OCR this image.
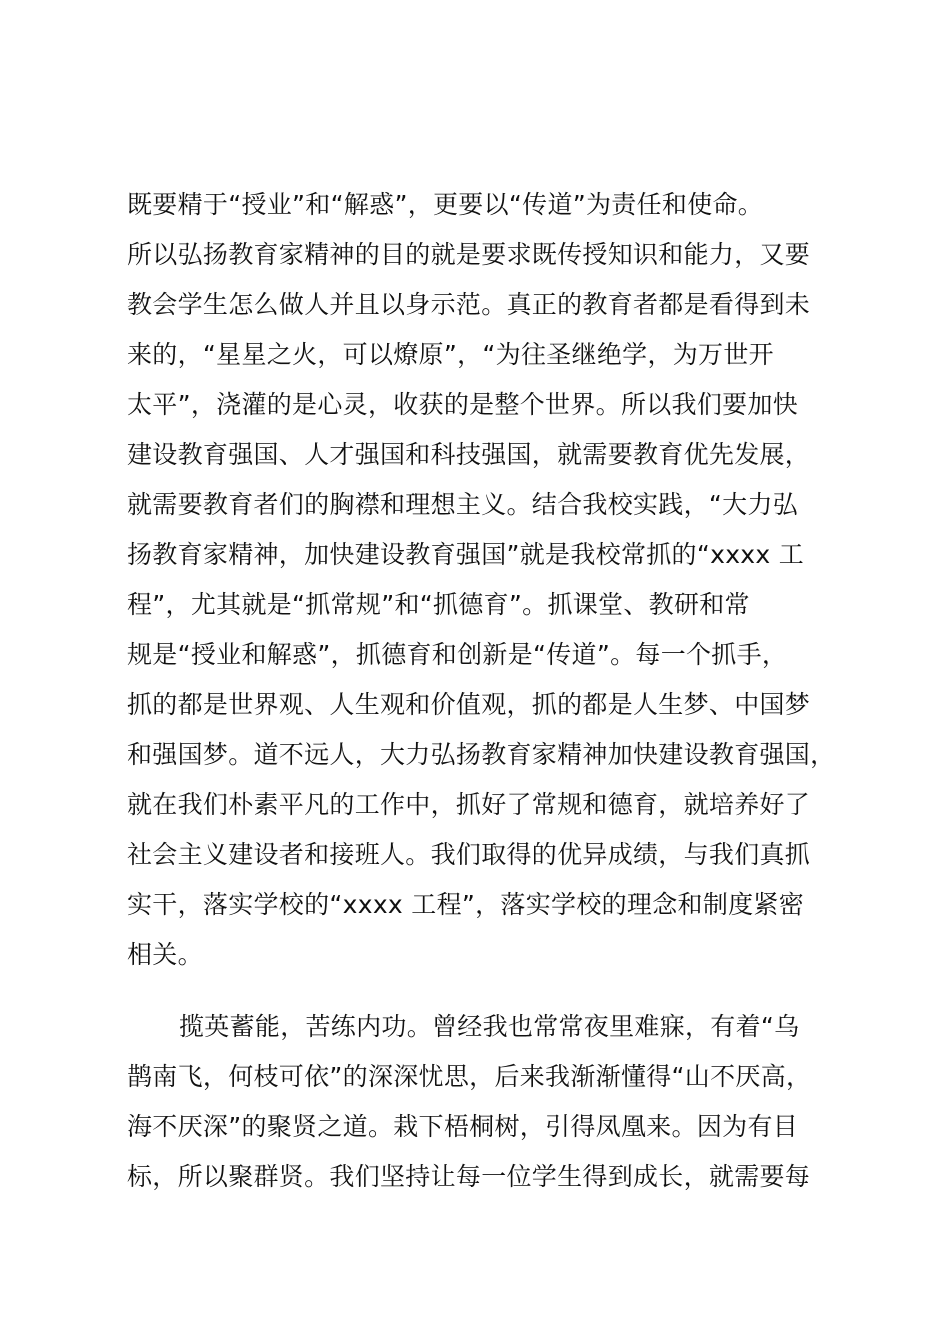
既要精于“授业”和“解惑”，更要以“传道”为责任和使命。
所以弘扬教育家精神的目的就是要求既传授知识和能力，又要
教会学生怎么做人并且以身示范。真正的教育者都是看得到未
来的，“星星之火，可以燎原”，“为往圣继绝学，为万世开
太平”，浇灌的是心灵，收获的是整个世界。所以我们要加快
建设教育强国、人才强国和科技强国，就需要教育优先发展，
就需要教育者们的胸襟和理想主义。结合我校实践，“大力弘
扬教育家精神，加快建设教育强国”就是我校常抓的“xxxx 工
程”，尤其就是“抓常规”和“抓德育”。抓课堂、教研和常
规是“授业和解惑”，抓德育和创新是“传道”。每一个抓手，
抓的都是世界观、人生观和价值观，抓的都是人生梦、中国梦
和强国梦。道不远人，大力弘扬教育家精神加快建设教育强国，
就在我们朴素平凡的工作中，抓好了常规和德育，就培养好了
社会主义建设者和接班人。我们取得的优异成绩，与我们真抓
实干，落实学校的“xxxx 工程”，落实学校的理念和制度紧密
相关。
揽英蓄能，苦练内功。曾经我也常常夜里难寐，有着“乌
鹊南飞，何枝可依”的深深忧思，后来我渐渐懂得“山不厌高，
海不厌深”的聚贤之道。栽下梧桐树，引得凤凰来。因为有目
标，所以聚群贤。我们坚持让每一位学生得到成长，就需要每
